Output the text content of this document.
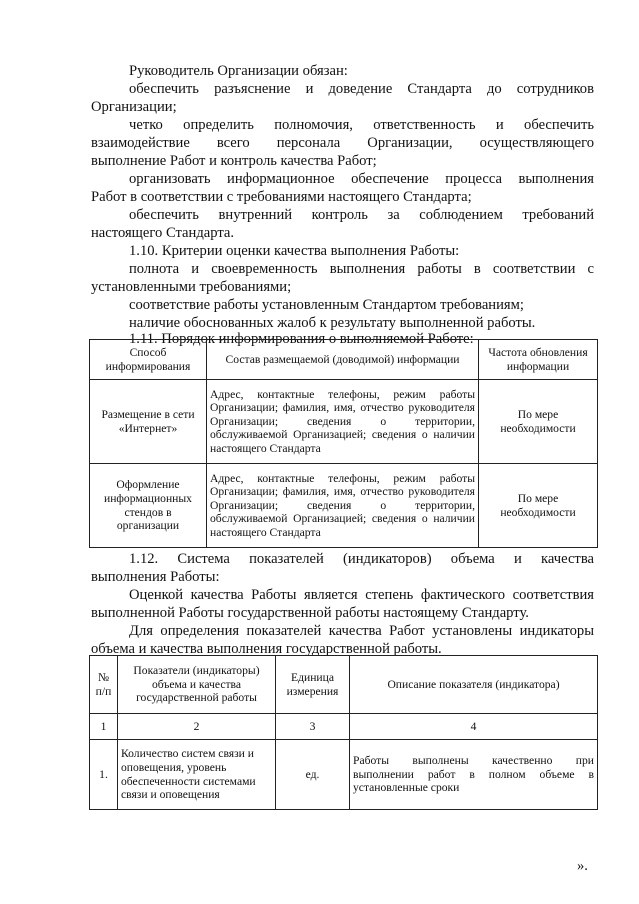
Руководитель Организации обязан:

обеспечить разъяснение и доведение Стандарта до сотрудников
Организации;

четко определить полномочия, ответственность и обеспечить
взаимодействие всего персонала Организации, осуществляющего
выполнение Работ и контроль качества Работ;

организовать информационное обеспечение процесса выполнения
Работ в соответствии с требованиями настоящего Стандарта;

обеспечить внутренний контроль за соблюдением требований
настоящего Стандарта.

1.10. Критерии оценки качества выполнения Работы:

полнота и своевременность выполнения работы в соответствии с
установленными требованиями;

соответствие работы установленным Стандартом требованиям;

наличие обоснованных жалоб к результату выполненной работы.

1.11. Порядок информирования о выполняемой Работе:

Способ информирования	Состав размещаемой (доводимой) информации	Частота обновления информации
Размещение в сети «Интернет»	Адрес, контактные телефоны, режим работы Организации; фамилия, имя, отчество руководителя Организации; сведения о территории, обслуживаемой Организацией; сведения о наличии настоящего Стандарта	По мере необходимости
Оформление информационных стендов в организации	Адрес, контактные телефоны, режим работы Организации; фамилия, имя, отчество руководителя Организации; сведения о территории, обслуживаемой Организацией; сведения о наличии настоящего Стандарта	По мере необходимости

1.12. Система показателей (индикаторов) объема и качества
выполнения Работы:

Оценкой качества Работы является степень фактического соответствия
выполненной Работы государственной работы настоящему Стандарту.

Для определения показателей качества Работ установлены индикаторы
объема и качества выполнения государственной работы.

№ п/п	Показатели (индикаторы) объема и качества государственной работы	Единица измерения	Описание показателя (индикатора)
1	2	3	4
1.	Количество систем связи и оповещения, уровень обеспеченности системами связи и оповещения	ед.	Работы выполнены качественно при выполнении работ в полном объеме в установленные сроки
».
